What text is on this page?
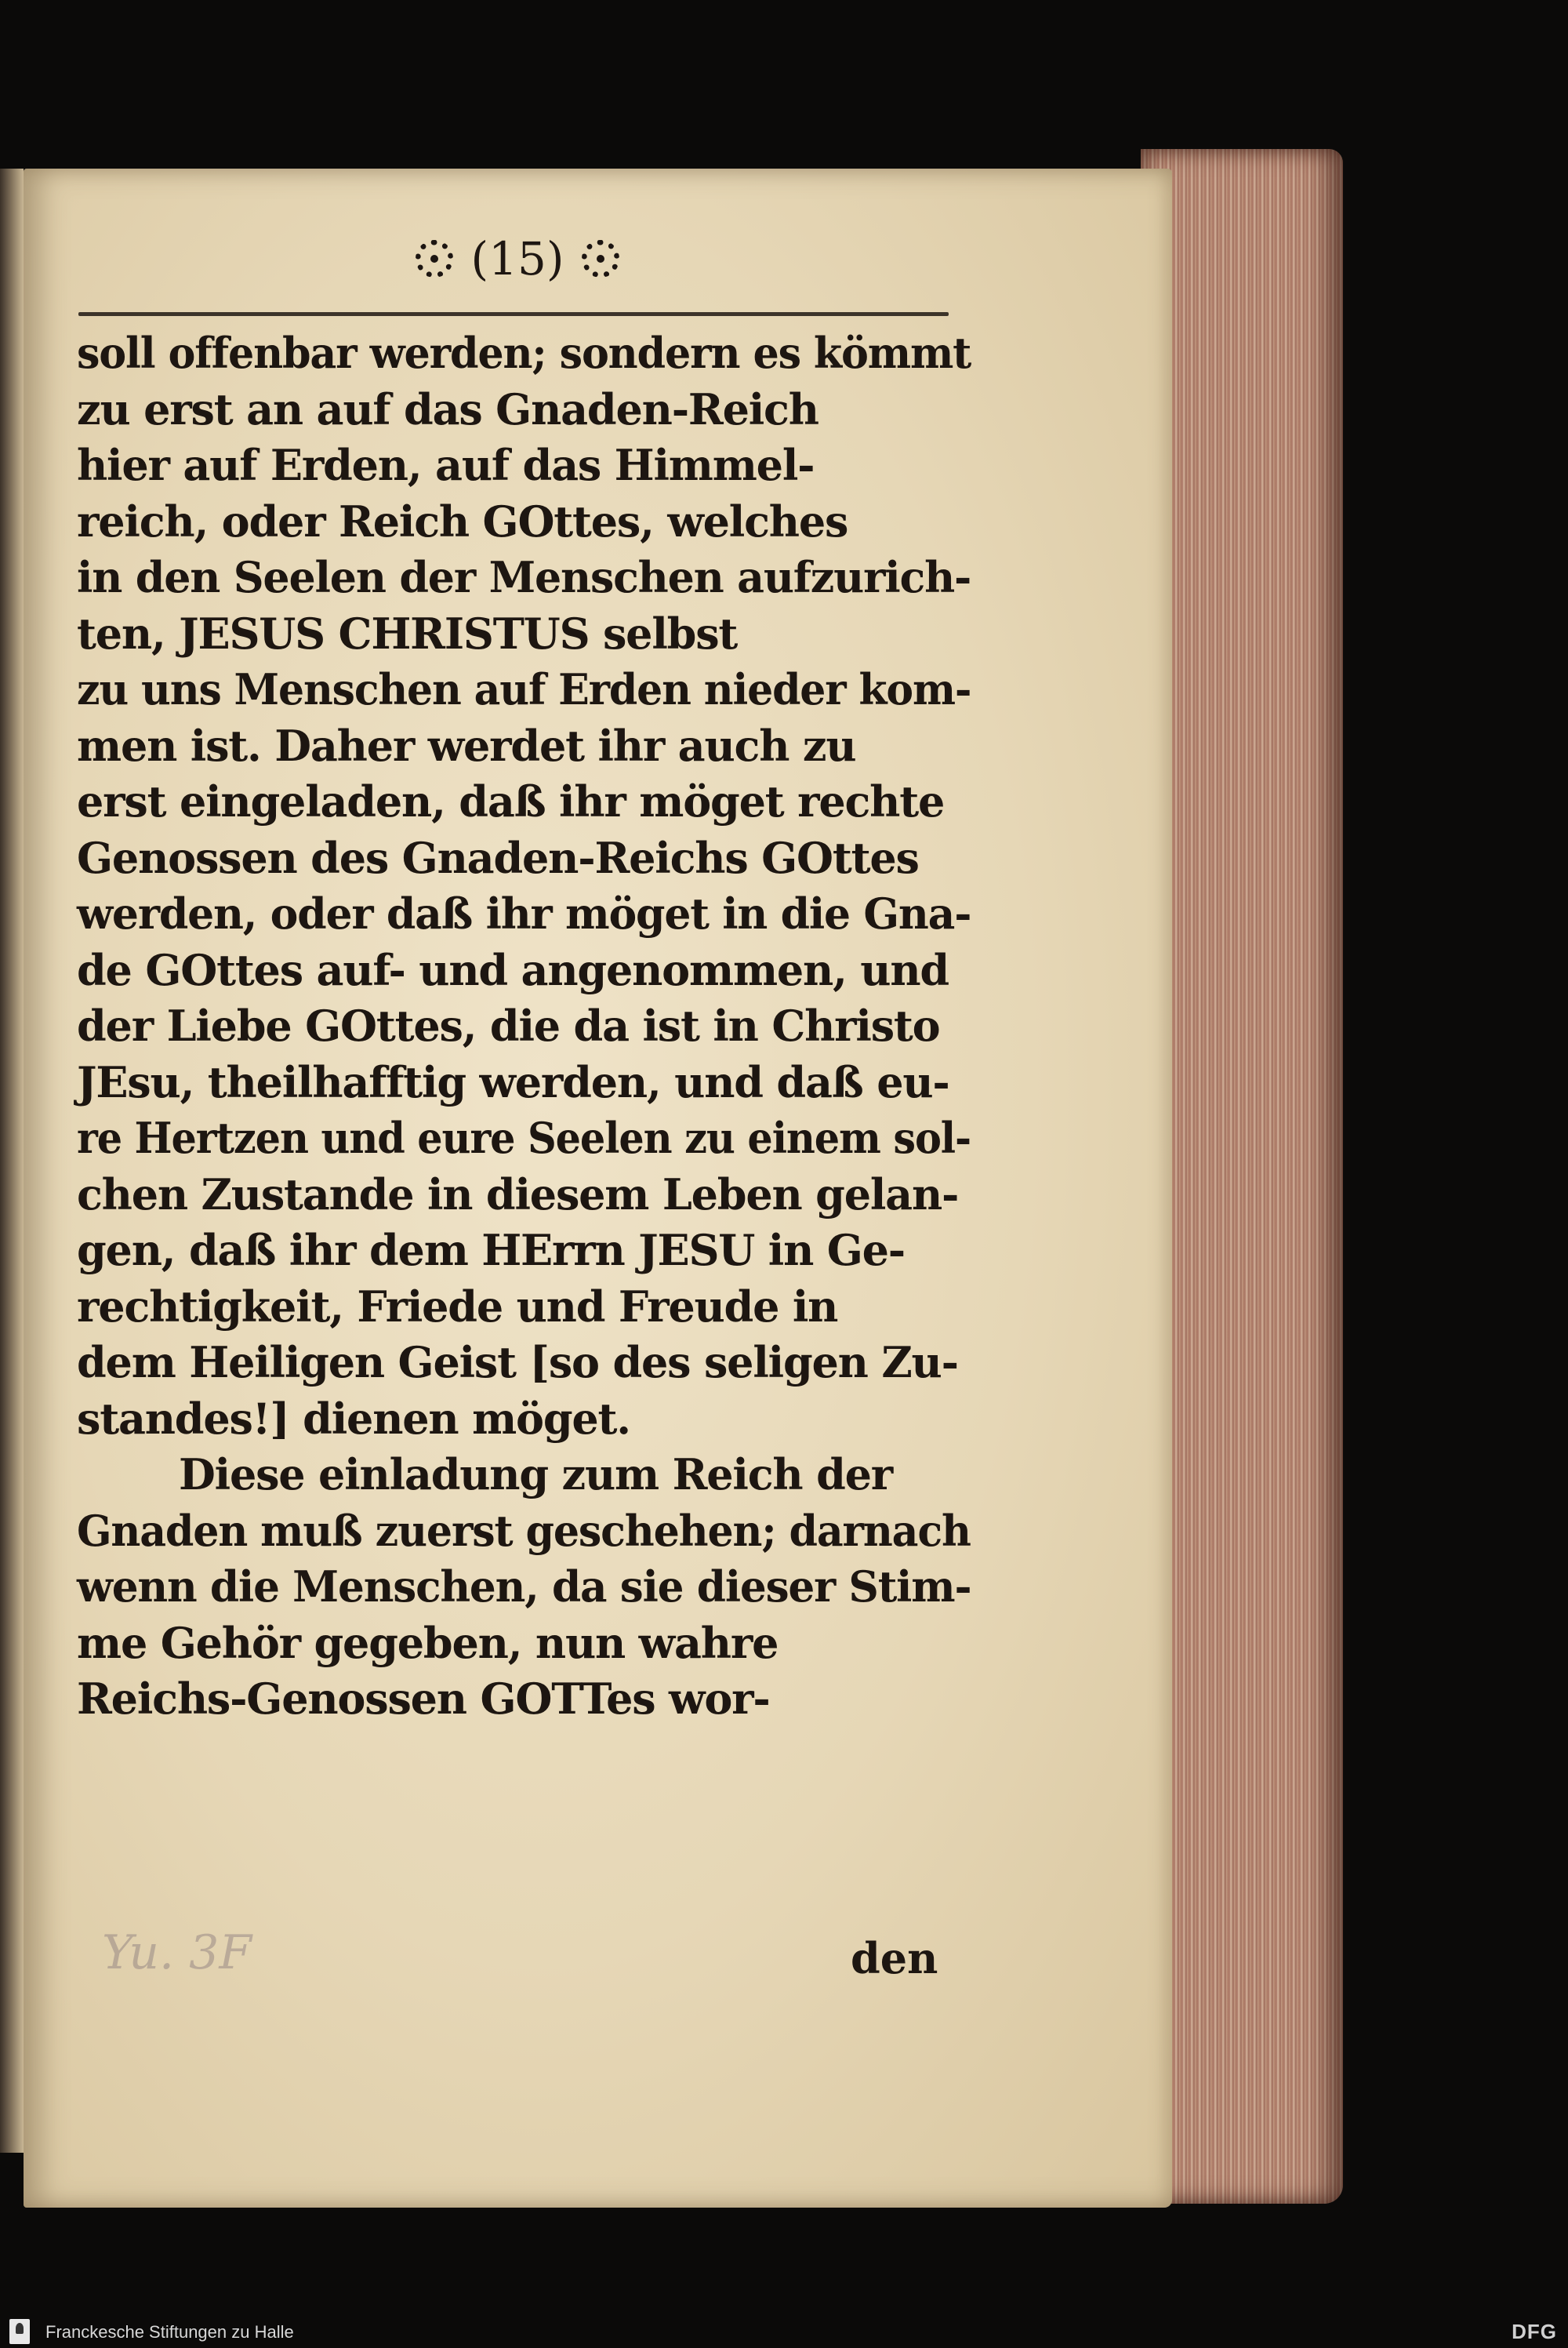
(15)
soll offenbar werden; sondern es kömmt
zu erst an auf das Gnaden-Reich
hier auf Erden, auf das Himmel-
reich, oder Reich GOttes, welches
in den Seelen der Menschen aufzurich-
ten, JESUS CHRISTUS selbst
zu uns Menschen auf Erden nieder kom-
men ist. Daher werdet ihr auch zu
erst eingeladen, daß ihr möget rechte
Genossen des Gnaden-Reichs GOttes
werden, oder daß ihr möget in die Gna-
de GOttes auf- und angenommen, und
der Liebe GOttes, die da ist in Christo
JEsu, theilhafftig werden, und daß eu-
re Hertzen und eure Seelen zu einem sol-
chen Zustande in diesem Leben gelan-
gen, daß ihr dem HErrn JESU in Ge-
rechtigkeit, Friede und Freude in
dem Heiligen Geist [so des seligen Zu-
standes!] dienen möget.
Diese einladung zum Reich der
Gnaden muß zuerst geschehen; darnach
wenn die Menschen, da sie dieser Stim-
me Gehör gegeben, nun wahre
Reichs-Genossen GOTTes wor-
Yu. 3F	den
Franckesche Stiftungen zu Halle	DFG
